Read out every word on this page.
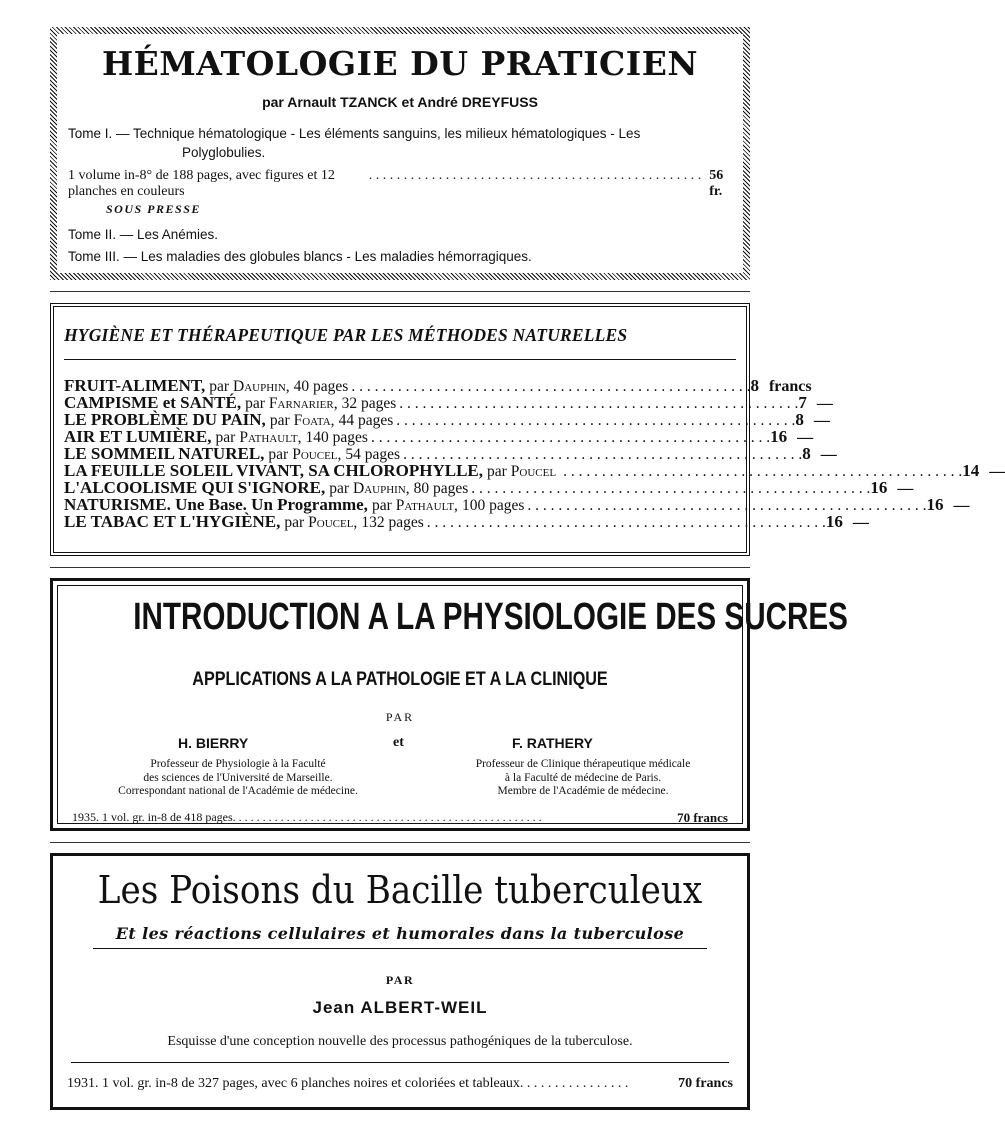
HÉMATOLOGIE DU PRATICIEN
par Arnault TZANCK et André DREYFUSS
Tome I. — Technique hématologique - Les éléments sanguins, les milieux hématologiques - Les
Polyglobulies.
1 volume in-8° de 188 pages, avec figures et 12 planches en couleurs
. . . . . . . . . . . . . . . . . . . . . . . . . . . . . . . . . . . . . . . . . . . . . . . . 56 fr.
SOUS PRESSE
Tome II. — Les Anémies.
Tome III. — Les maladies des globules blancs - Les maladies hémorragiques.
HYGIÈNE ET THÉRAPEUTIQUE PAR LES MÉTHODES NATURELLES
FRUIT-ALIMENT, par Dauphin, 40 pages . . . . . . . . . . . . . . . . . . . . . . . . . . . . . . . . . . . . . . . . . . . . . . . . . . . . 8 francs
CAMPISME et SANTÉ, par Farnarier, 32 pages . . . . . . . . . . . . . . . . . . . . . . . . . . . . . . . . . . . . . . . . . . . . . . . . . . . . 7 —
LE PROBLÈME DU PAIN, par Foata, 44 pages . . . . . . . . . . . . . . . . . . . . . . . . . . . . . . . . . . . . . . . . . . . . . . . . . . . . 8 —
AIR ET LUMIÈRE, par Pathault, 140 pages . . . . . . . . . . . . . . . . . . . . . . . . . . . . . . . . . . . . . . . . . . . . . . . . . . . . 16 —
LE SOMMEIL NATUREL, par Poucel, 54 pages . . . . . . . . . . . . . . . . . . . . . . . . . . . . . . . . . . . . . . . . . . . . . . . . . . . . 8 —
LA FEUILLE SOLEIL VIVANT, SA CHLOROPHYLLE, par Poucel . . . . . . . . . . . . . . . . . . . . . . . . . . . . . . . . . . . . . . . . . . . . . . . . . . . . 14 —
L'ALCOOLISME QUI S'IGNORE, par Dauphin, 80 pages . . . . . . . . . . . . . . . . . . . . . . . . . . . . . . . . . . . . . . . . . . . . . . . . . . . . 16 —
NATURISME. Une Base. Un Programme, par Pathault, 100 pages . . . . . . . . . . . . . . . . . . . . . . . . . . . . . . . . . . . . . . . . . . . . . . . . . . . . 16 —
LE TABAC ET L'HYGIÈNE, par Poucel, 132 pages . . . . . . . . . . . . . . . . . . . . . . . . . . . . . . . . . . . . . . . . . . . . . . . . . . . . 16 —
INTRODUCTION A LA PHYSIOLOGIE DES SUCRES
APPLICATIONS A LA PATHOLOGIE ET A LA CLINIQUE
PAR
H. BIERRY	et	F. RATHERY
Professeur de Physiologie à la Faculté
des sciences de l'Université de Marseille.
Correspondant national de l'Académie de médecine.
Professeur de Clinique thérapeutique médicale
à la Faculté de médecine de Paris.
Membre de l'Académie de médecine.
1935. 1 vol. gr. in-8 de 418 pages . . . . . . . . . . . . . . . . . . . . . . . . . . . . . . . . . . . . . . . . . . . . . . . . . . . .	70 francs
Les Poisons du Bacille tuberculeux
Et les réactions cellulaires et humorales dans la tuberculose
PAR
Jean ALBERT-WEIL
Esquisse d'une conception nouvelle des processus pathogéniques de la tuberculose.
1931. 1 vol. gr. in-8 de 327 pages, avec 6 planches noires et coloriées et tableaux . . . . . . . . . . . . . . . .	70 francs
